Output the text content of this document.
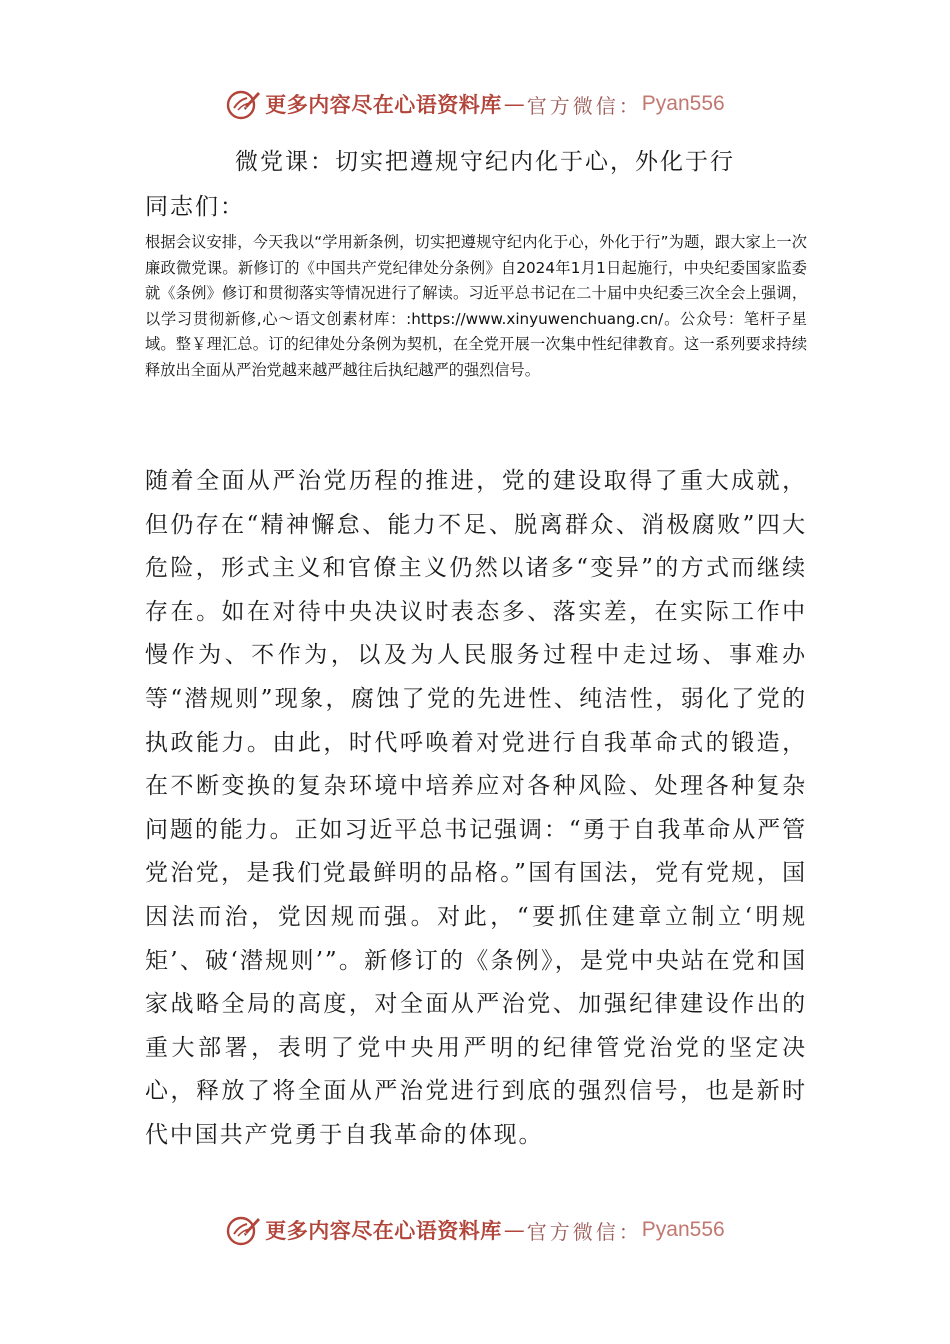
更多内容尽在心语资料库 — 官方微信： Pyan556
微党课：切实把遵规守纪内化于心，外化于行
同志们：
根据会议安排，今天我以“学用新条例，切实把遵规守纪内化于心，外化于行”为题，跟大家上一次廉政微党课。新修订的《中国共产党纪律处分条例》自2024年1月1日起施行，中央纪委国家监委就《条例》修订和贯彻落实等情况进行了解读。习近平总书记在二十届中央纪委三次全会上强调，以学习贯彻新修,心～语文创素材库：:https://www.xinyuwenchuang.cn/。公众号：笔杆子星域。整￥理汇总。订的纪律处分条例为契机，在全党开展一次集中性纪律教育。这一系列要求持续释放出全面从严治党越来越严越往后执纪越严的强烈信号。
随着全面从严治党历程的推进，党的建设取得了重大成就，但仍存在“精神懈怠、能力不足、脱离群众、消极腐败”四大危险，形式主义和官僚主义仍然以诸多“变异”的方式而继续存在。如在对待中央决议时表态多、落实差，在实际工作中慢作为、不作为，以及为人民服务过程中走过场、事难办等“潜规则”现象，腐蚀了党的先进性、纯洁性，弱化了党的执政能力。由此，时代呼唤着对党进行自我革命式的锻造，在不断变换的复杂环境中培养应对各种风险、处理各种复杂问题的能力。正如习近平总书记强调：“勇于自我革命从严管党治党，是我们党最鲜明的品格。”国有国法，党有党规，国因法而治，党因规而强。对此，“要抓住建章立制立‘明规矩’、破‘潜规则’”。新修订的《条例》，是党中央站在党和国家战略全局的高度，对全面从严治党、加强纪律建设作出的重大部署，表明了党中央用严明的纪律管党治党的坚定决心，释放了将全面从严治党进行到底的强烈信号，也是新时代中国共产党勇于自我革命的体现。
更多内容尽在心语资料库 — 官方微信： Pyan556
